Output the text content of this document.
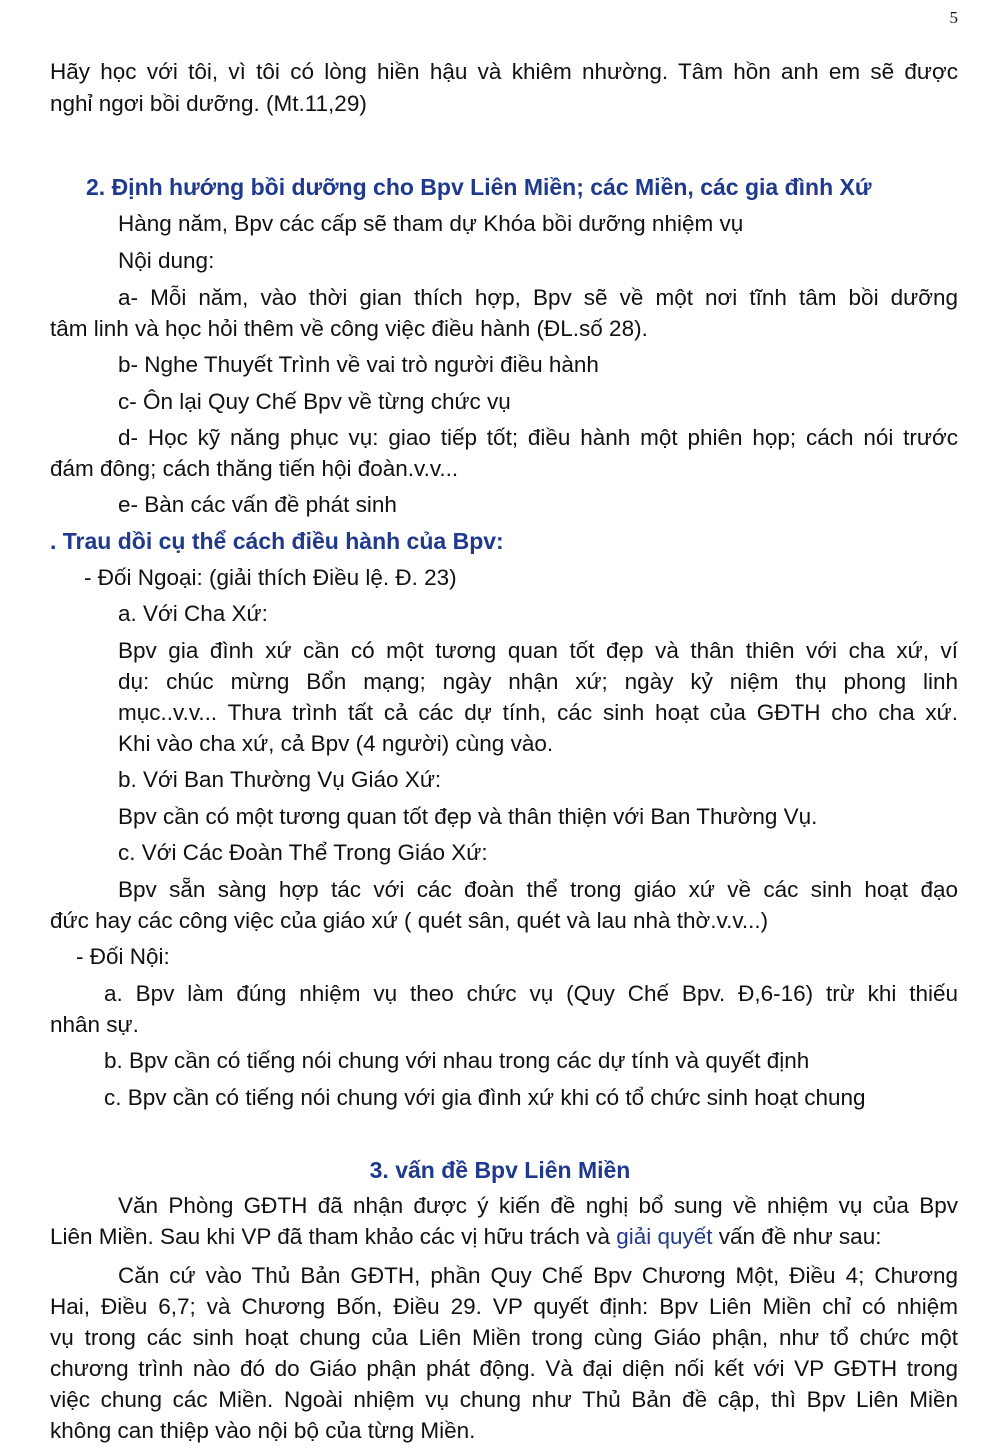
5
Hãy học với tôi, vì tôi có lòng hiền hậu và khiêm nhường. Tâm hồn anh em sẽ được
nghỉ ngơi bồi dưỡng. (Mt.11,29)
2. Định hướng bồi dưỡng cho Bpv Liên Miền; các Miền, các gia đình Xứ
Hàng năm, Bpv các cấp sẽ tham dự Khóa bồi dưỡng nhiệm vụ
Nội dung:
a- Mỗi năm, vào thời gian thích hợp, Bpv sẽ về một nơi tĩnh tâm bồi dưỡng
tâm linh và học hỏi thêm về công việc điều hành (ĐL.số 28).
b- Nghe Thuyết Trình về vai trò người điều hành
c- Ôn lại Quy Chế Bpv về từng chức vụ
d- Học kỹ năng phục vụ: giao tiếp tốt; điều hành một phiên họp; cách nói trước
đám đông; cách thăng tiến hội đoàn.v.v...
e- Bàn các vấn đề phát sinh
. Trau dồi cụ thể cách điều hành của Bpv:
- Đối Ngoại: (giải thích Điều lệ. Đ. 23)
a. Với Cha Xứ:
Bpv gia đình xứ cần có một tương quan tốt đẹp và thân thiên với cha xứ, ví
dụ: chúc mừng Bổn mạng; ngày nhận xứ; ngày kỷ niệm thụ phong linh
mục..v.v... Thưa trình tất cả các dự tính, các sinh hoạt của GĐTH cho cha xứ.
Khi vào cha xứ, cả Bpv (4 người) cùng vào.
b. Với Ban Thường Vụ Giáo Xứ:
Bpv cần có một tương quan tốt đẹp và thân thiện với Ban Thường Vụ.
c. Với Các Đoàn Thể Trong Giáo Xứ:
Bpv sẵn sàng hợp tác với các đoàn thể trong giáo xứ về các sinh hoạt đạo
đức hay các công việc của giáo xứ ( quét sân, quét và lau nhà thờ.v.v...)
- Đối Nội:
a. Bpv làm đúng nhiệm vụ theo chức vụ (Quy Chế Bpv. Đ,6-16) trừ khi thiếu
nhân sự.
b. Bpv cần có tiếng nói chung với nhau trong các dự tính và quyết định
c. Bpv cần có tiếng nói chung với gia đình xứ khi có tổ chức sinh hoạt chung
3. vấn đề Bpv Liên Miền
Văn Phòng GĐTH đã nhận được ý kiến đề nghị bổ sung về nhiệm vụ của Bpv
Liên Miền. Sau khi VP đã tham khảo các vị hữu trách và giải quyết vấn đề như sau:
Căn cứ vào Thủ Bản GĐTH, phần Quy Chế Bpv Chương Một, Điều 4; Chương
Hai, Điều 6,7; và Chương Bốn, Điều 29. VP quyết định: Bpv Liên Miền chỉ có nhiệm
vụ trong các sinh hoạt chung của Liên Miền trong cùng Giáo phận, như tổ chức một
chương trình nào đó do Giáo phận phát động. Và đại diện nối kết với VP GĐTH trong
việc chung các Miền. Ngoài nhiệm vụ chung như Thủ Bản đề cập, thì Bpv Liên Miền
không can thiệp vào nội bộ của từng Miền.
